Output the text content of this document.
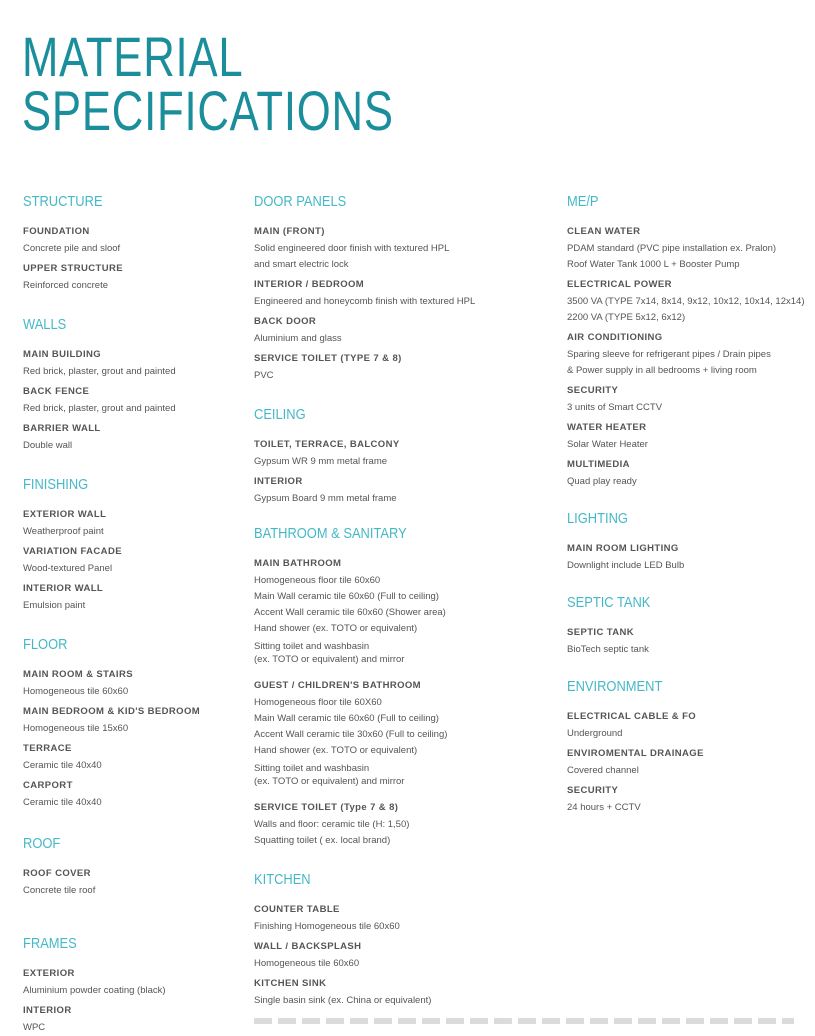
MATERIAL
SPECIFICATIONS
STRUCTURE
FOUNDATION
Concrete pile and sloof
UPPER STRUCTURE
Reinforced concrete
WALLS
MAIN BUILDING
Red brick, plaster, grout and painted
BACK FENCE
Red brick, plaster, grout and painted
BARRIER WALL
Double wall
FINISHING
EXTERIOR WALL
Weatherproof paint
VARIATION FACADE
Wood-textured Panel
INTERIOR WALL
Emulsion paint
FLOOR
MAIN ROOM & STAIRS
Homogeneous tile 60x60
MAIN BEDROOM & KID'S BEDROOM
Homogeneous tile 15x60
TERRACE
Ceramic tile 40x40
CARPORT
Ceramic tile 40x40
ROOF
ROOF COVER
Concrete tile roof
FRAMES
EXTERIOR
Aluminium powder coating (black)
INTERIOR
WPC
DOOR PANELS
MAIN (FRONT)
Solid engineered door finish with textured HPL
and smart electric lock
INTERIOR / BEDROOM
Engineered and honeycomb finish with textured HPL
BACK DOOR
Aluminium and glass
SERVICE TOILET (TYPE 7 & 8)
PVC
CEILING
TOILET, TERRACE, BALCONY
Gypsum WR 9 mm metal frame
INTERIOR
Gypsum Board 9 mm metal frame
BATHROOM & SANITARY
MAIN BATHROOM
Homogeneous floor tile 60x60
Main Wall ceramic tile 60x60 (Full to ceiling)
Accent Wall ceramic tile 60x60 (Shower area)
Hand shower (ex. TOTO or equivalent)
Sitting toilet and washbasin
(ex. TOTO or equivalent) and mirror
GUEST / CHILDREN'S BATHROOM
Homogeneous floor tile 60X60
Main Wall ceramic tile 60x60 (Full to ceiling)
Accent Wall ceramic tile 30x60 (Full to ceiling)
Hand shower (ex. TOTO or equivalent)
Sitting toilet and washbasin
(ex. TOTO or equivalent) and mirror
SERVICE TOILET (Type 7 & 8)
Walls and floor: ceramic tile (H: 1,50)
Squatting toilet ( ex. local brand)
KITCHEN
COUNTER TABLE
Finishing Homogeneous tile 60x60
WALL / BACKSPLASH
Homogeneous tile 60x60
KITCHEN SINK
Single basin sink (ex. China or equivalent)
ME/P
CLEAN WATER
PDAM standard (PVC pipe installation ex. Pralon)
Roof Water Tank 1000 L + Booster Pump
ELECTRICAL POWER
3500 VA (TYPE 7x14, 8x14, 9x12, 10x12, 10x14, 12x14)
2200 VA (TYPE 5x12, 6x12)
AIR CONDITIONING
Sparing sleeve for refrigerant pipes / Drain pipes
& Power supply in all bedrooms + living room
SECURITY
3 units of Smart CCTV
WATER HEATER
Solar Water Heater
MULTIMEDIA
Quad play ready
LIGHTING
MAIN ROOM LIGHTING
Downlight include LED Bulb
SEPTIC TANK
SEPTIC TANK
BioTech septic tank
ENVIRONMENT
ELECTRICAL CABLE & FO
Underground
ENVIROMENTAL DRAINAGE
Covered channel
SECURITY
24 hours + CCTV
